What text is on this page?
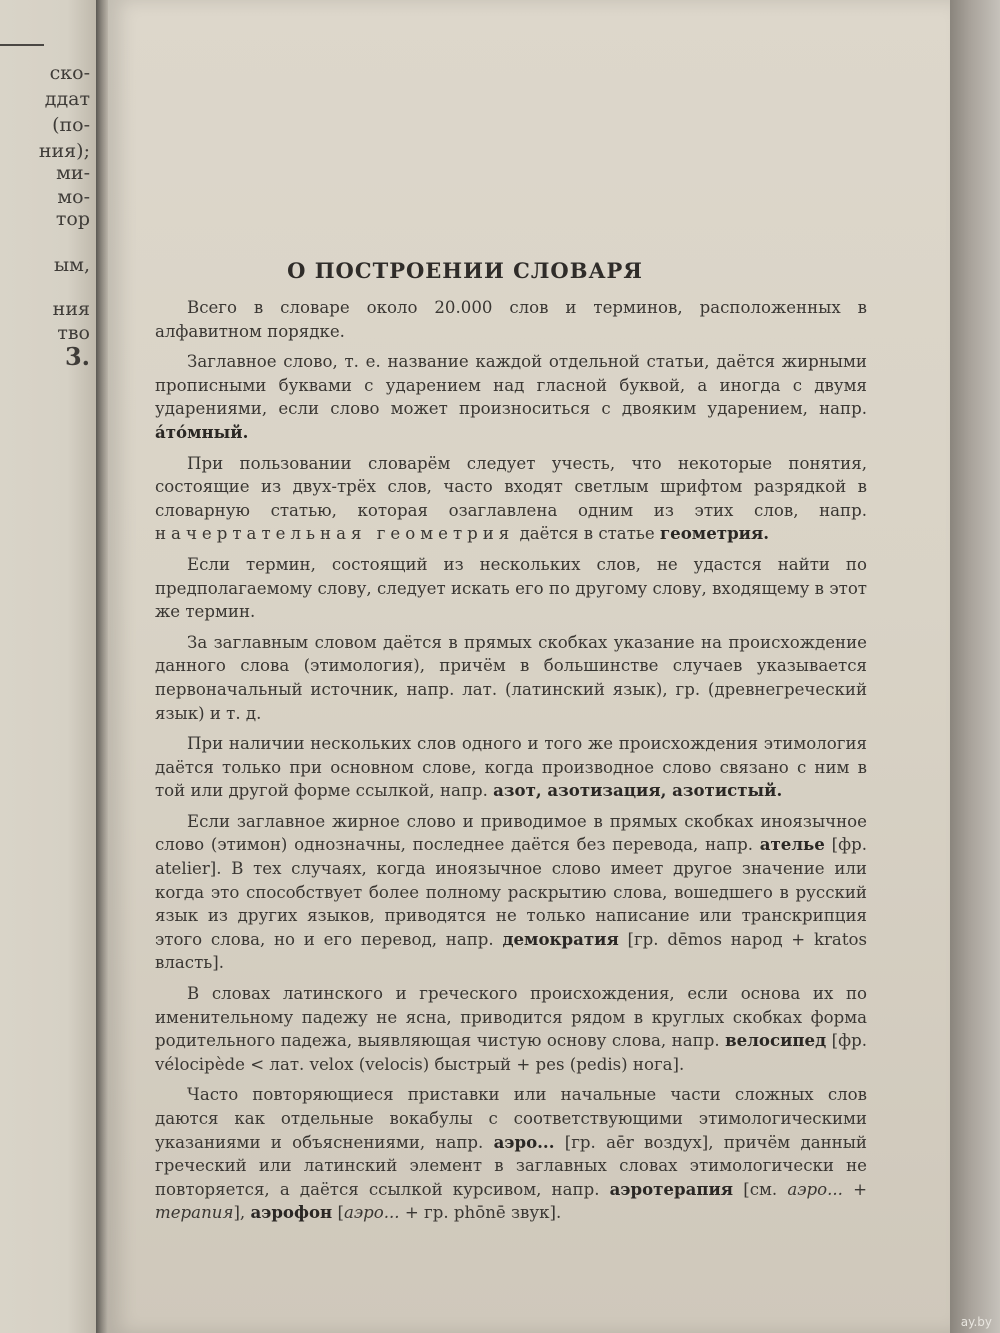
ско-
ддат
(по-
ния);
ми-
мо-
тор
ым,
ния
тво
3.
О ПОСТРОЕНИИ СЛОВАРЯ

Всего в словаре около 20.000 слов и терминов, расположенных в алфавитном порядке.

Заглавное слово, т. е. название каждой отдельной статьи, даётся жирными прописными буквами с ударением над гласной буквой, а иногда с двумя ударениями, если слово может произноситься с двояким ударением, напр. а́то́мный.

При пользовании словарём следует учесть, что некоторые понятия, состоящие из двух-трёх слов, часто входят светлым шрифтом разрядкой в словарную статью, которая озаглавлена одним из этих слов, напр. начертательная геометрия даётся в статье геометрия.

Если термин, состоящий из нескольких слов, не удастся найти по предполагаемому слову, следует искать его по другому слову, входящему в этот же термин.

За заглавным словом даётся в прямых скобках указание на происхождение данного слова (этимология), причём в большинстве случаев указывается первоначальный источник, напр. лат. (латинский язык), гр. (древнегреческий язык) и т. д.

При наличии нескольких слов одного и того же происхождения этимология даётся только при основном слове, когда производное слово связано с ним в той или другой форме ссылкой, напр. азот, азотизация, азотистый.

Если заглавное жирное слово и приводимое в прямых скобках иноязычное слово (этимон) однозначны, последнее даётся без перевода, напр. ателье [фр. atelier]. В тех случаях, когда иноязычное слово имеет другое значение или когда это способствует более полному раскрытию слова, вошедшего в русский язык из других языков, приводятся не только написание или транскрипция этого слова, но и его перевод, напр. демократия [гр. dēmos народ + kratos власть].

В словах латинского и греческого происхождения, если основа их по именительному падежу не ясна, приводится рядом в круглых скобках форма родительного падежа, выявляющая чистую основу слова, напр. велосипед [фр. vélocipède < лат. velox (velocis) быстрый + pes (pedis) нога].

Часто повторяющиеся приставки или начальные части сложных слов даются как отдельные вокабулы с соответствующими этимологическими указаниями и объяснениями, напр. аэро... [гр. aēr воздух], причём данный греческий или латинский элемент в заглавных словах этимологически не повторяется, а даётся ссылкой курсивом, напр. аэротерапия [см. аэро... + терапия], аэрофон [аэро... + гр. phōnē звук].

ay.by
